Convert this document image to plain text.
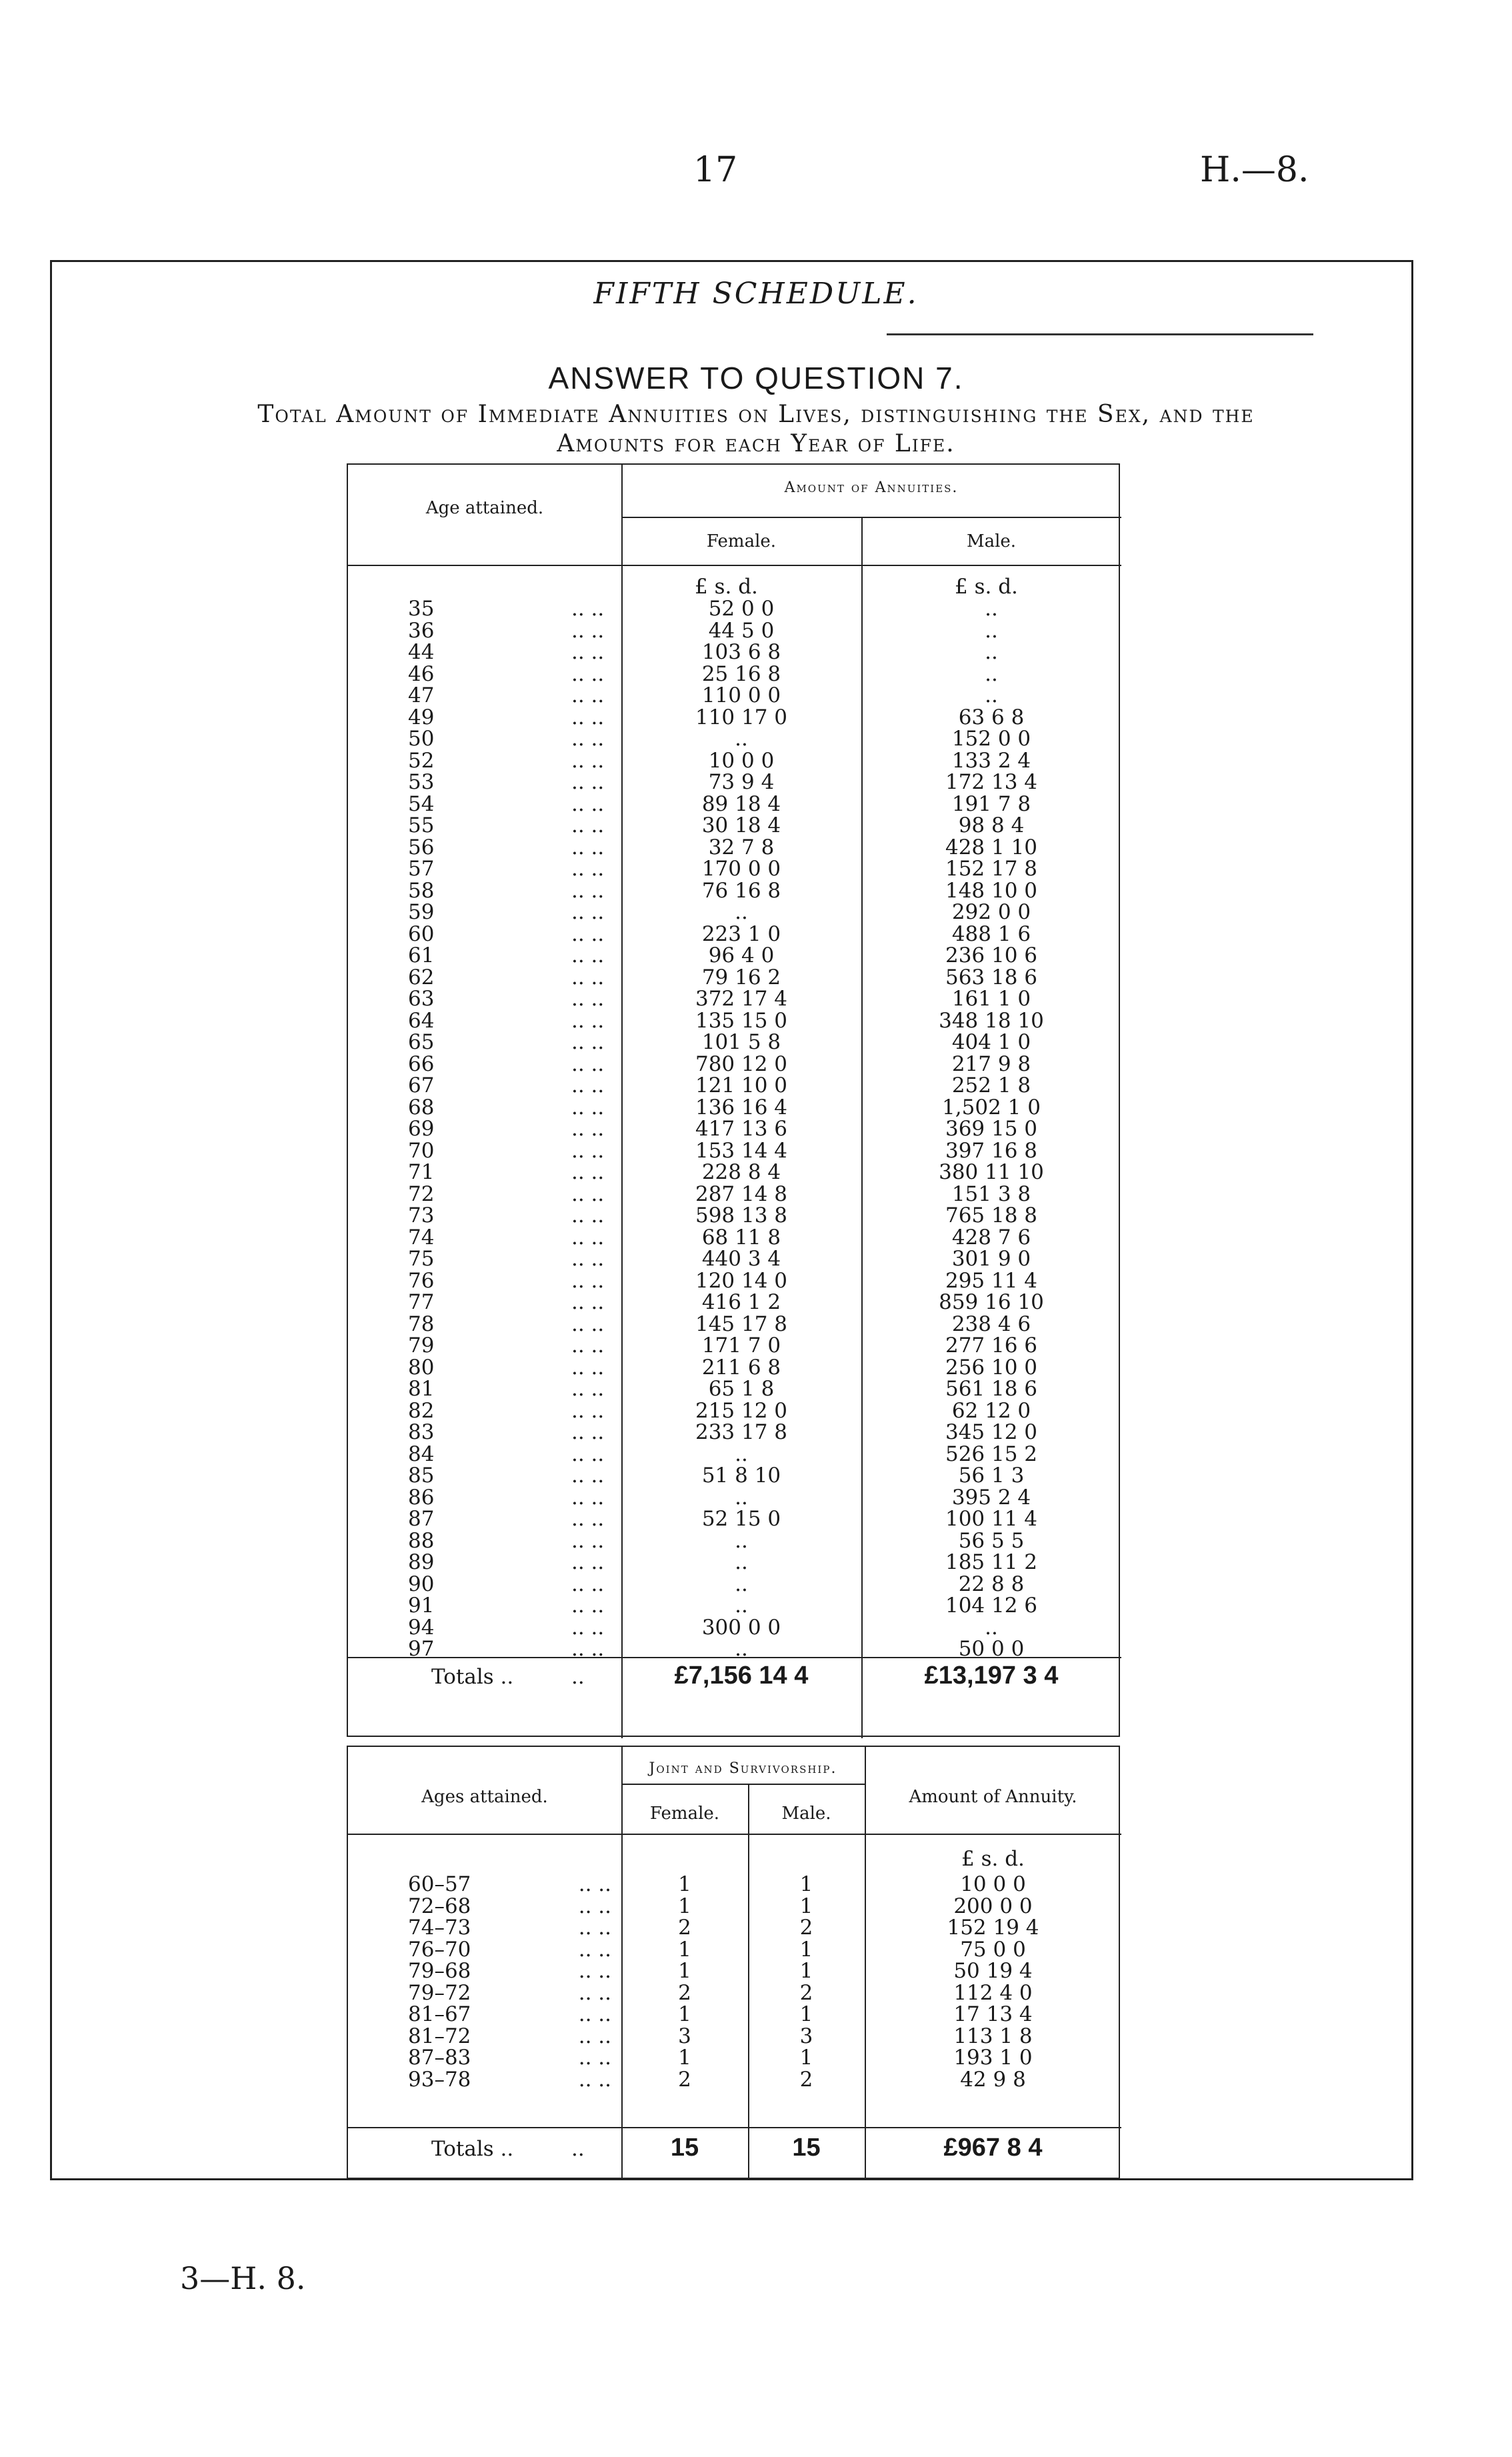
17	H.—8.
FIFTH SCHEDULE.
ANSWER TO QUESTION 7.
Total Amount of Immediate Annuities on Lives, distinguishing the Sex, and the
Amounts for each Year of Life.
Age attained.
Amount of Annuities.
Female.	Male.
£ s. d.	£ s. d.
35	.. ..	52 0 0	..
36	.. ..	44 5 0	..
44	.. ..	103 6 8	..
46	.. ..	25 16 8	..
47	.. ..	110 0 0	..
49	.. ..	110 17 0	63 6 8
50	.. ..	..	152 0 0
52	.. ..	10 0 0	133 2 4
53	.. ..	73 9 4	172 13 4
54	.. ..	89 18 4	191 7 8
55	.. ..	30 18 4	98 8 4
56	.. ..	32 7 8	428 1 10
57	.. ..	170 0 0	152 17 8
58	.. ..	76 16 8	148 10 0
59	.. ..	..	292 0 0
60	.. ..	223 1 0	488 1 6
61	.. ..	96 4 0	236 10 6
62	.. ..	79 16 2	563 18 6
63	.. ..	372 17 4	161 1 0
64	.. ..	135 15 0	348 18 10
65	.. ..	101 5 8	404 1 0
66	.. ..	780 12 0	217 9 8
67	.. ..	121 10 0	252 1 8
68	.. ..	136 16 4	1,502 1 0
69	.. ..	417 13 6	369 15 0
70	.. ..	153 14 4	397 16 8
71	.. ..	228 8 4	380 11 10
72	.. ..	287 14 8	151 3 8
73	.. ..	598 13 8	765 18 8
74	.. ..	68 11 8	428 7 6
75	.. ..	440 3 4	301 9 0
76	.. ..	120 14 0	295 11 4
77	.. ..	416 1 2	859 16 10
78	.. ..	145 17 8	238 4 6
79	.. ..	171 7 0	277 16 6
80	.. ..	211 6 8	256 10 0
81	.. ..	65 1 8	561 18 6
82	.. ..	215 12 0	62 12 0
83	.. ..	233 17 8	345 12 0
84	.. ..	..	526 15 2
85	.. ..	51 8 10	56 1 3
86	.. ..	..	395 2 4
87	.. ..	52 15 0	100 11 4
88	.. ..	..	56 5 5
89	.. ..	..	185 11 2
90	.. ..	..	22 8 8
91	.. ..	..	104 12 6
94	.. ..	300 0 0	..
97	.. ..	..	50 0 0
Totals ..	..	£7,156 14 4	£13,197 3 4
Ages attained.
Joint and Survivorship.
Female.	Male.
Amount of Annuity.
£ s. d.
60–57	.. ..	1	1	10 0 0
72–68	.. ..	1	1	200 0 0
74–73	.. ..	2	2	152 19 4
76–70	.. ..	1	1	75 0 0
79–68	.. ..	1	1	50 19 4
79–72	.. ..	2	2	112 4 0
81–67	.. ..	1	1	17 13 4
81–72	.. ..	3	3	113 1 8
87–83	.. ..	1	1	193 1 0
93–78	.. ..	2	2	42 9 8
Totals ..	..	15	15	£967 8 4
3—H. 8.
